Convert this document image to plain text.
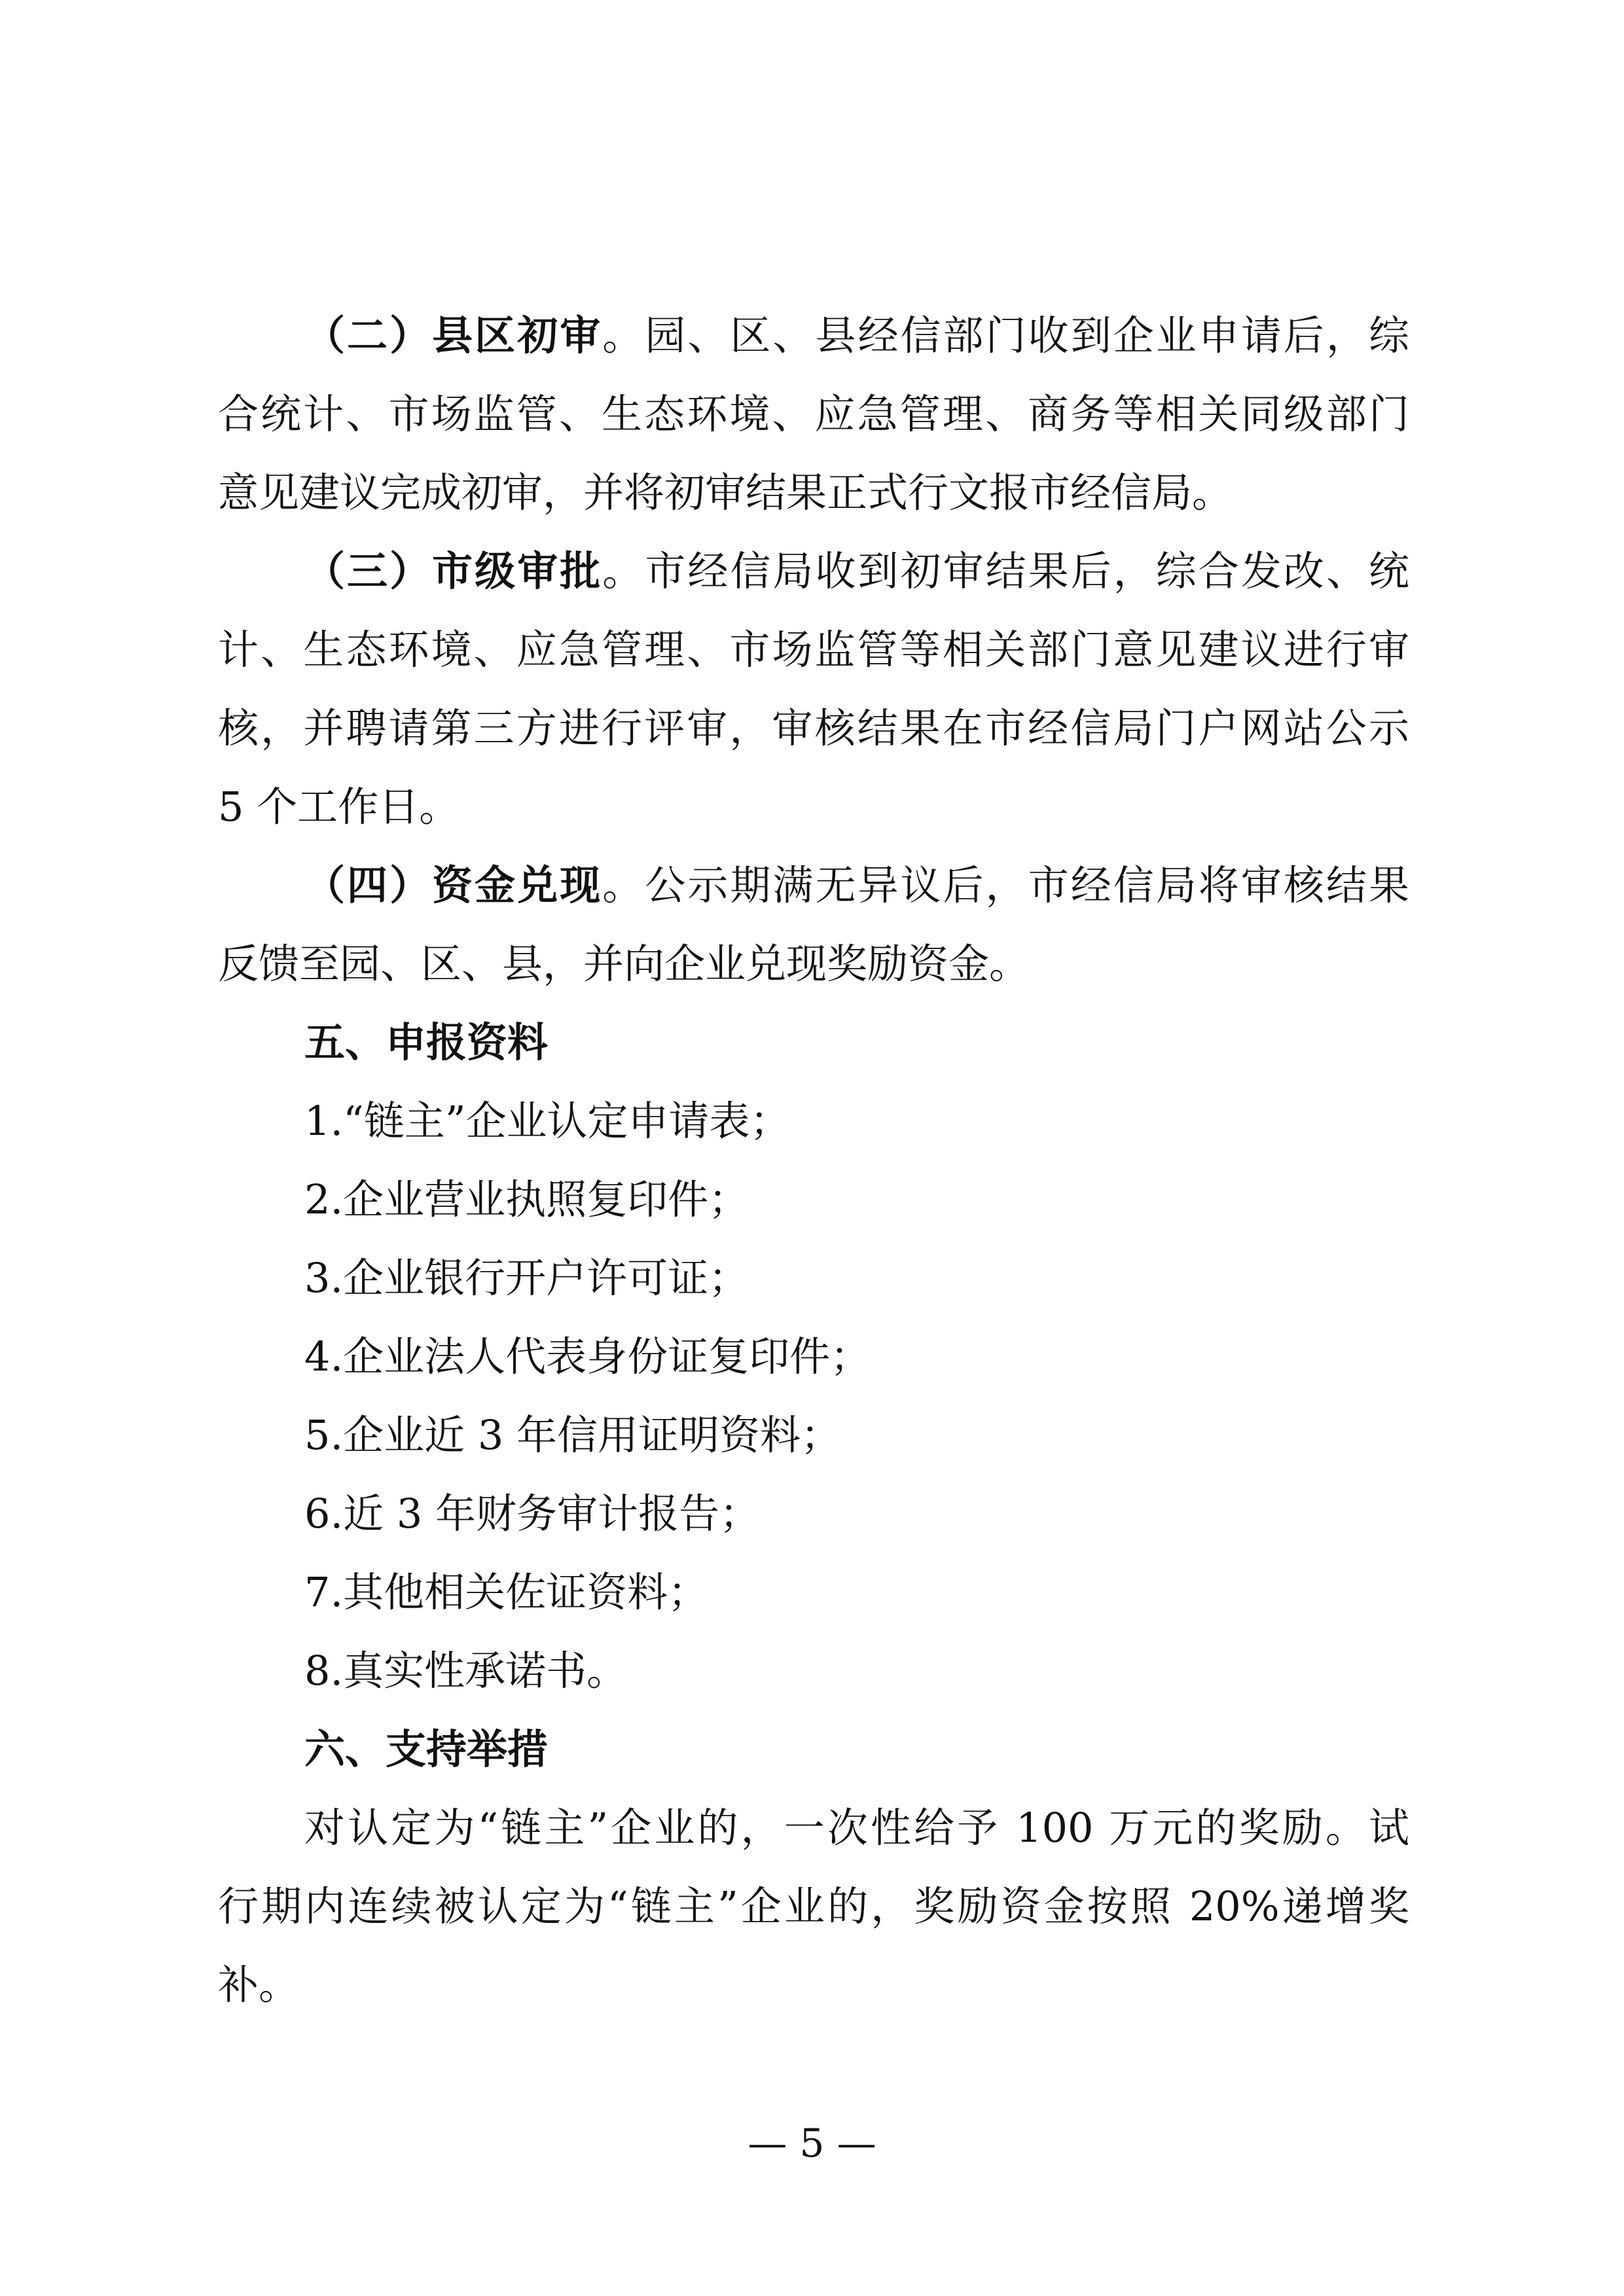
（二）县区初审。园、区、县经信部门收到企业申请后，综
合统计、市场监管、生态环境、应急管理、商务等相关同级部门
意见建议完成初审，并将初审结果正式行文报市经信局。
（三）市级审批。市经信局收到初审结果后，综合发改、统
计、生态环境、应急管理、市场监管等相关部门意见建议进行审
核，并聘请第三方进行评审，审核结果在市经信局门户网站公示
5 个工作日。
（四）资金兑现。公示期满无异议后，市经信局将审核结果
反馈至园、区、县，并向企业兑现奖励资金。
五、申报资料
1.“链主”企业认定申请表；
2.企业营业执照复印件；
3.企业银行开户许可证；
4.企业法人代表身份证复印件；
5.企业近 3 年信用证明资料；
6.近 3 年财务审计报告；
7.其他相关佐证资料；
8.真实性承诺书。
六、支持举措
对认定为“链主”企业的，一次性给予 100 万元的奖励。试
行期内连续被认定为“链主”企业的，奖励资金按照 20%递增奖
补。
— 5 —
